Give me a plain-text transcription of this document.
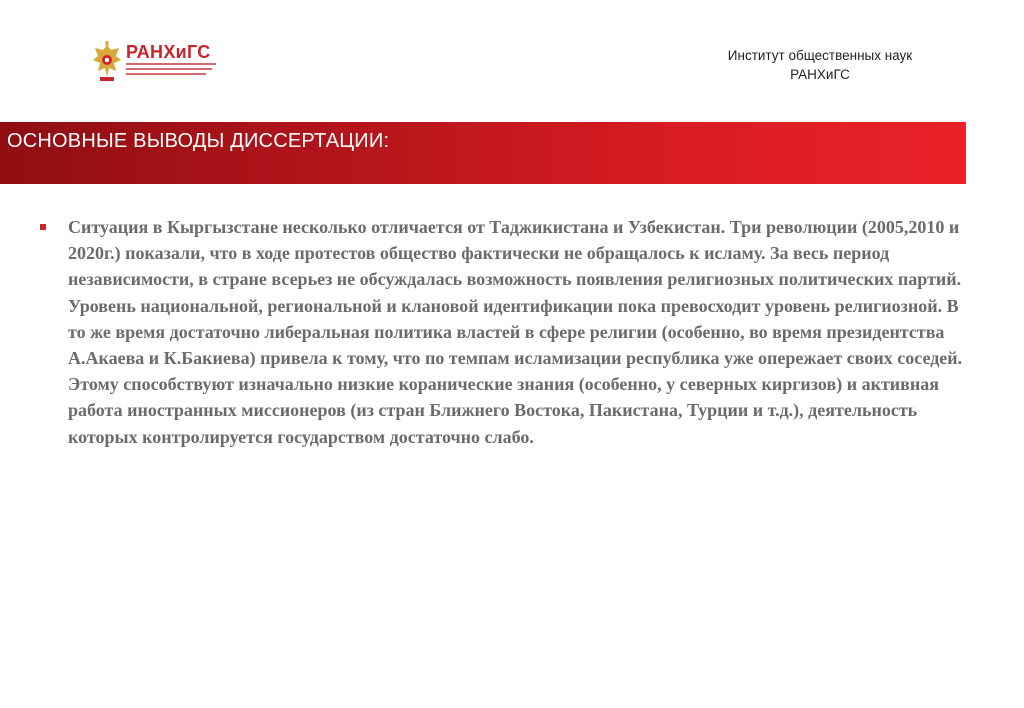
РАНХиГС	Институт общественных наук
РАНХиГС
ОСНОВНЫЕ ВЫВОДЫ ДИССЕРТАЦИИ:

Ситуация в Кыргызстане несколько отличается от Таджикистана и Узбекистан. Три революции (2005,2010 и 2020г.) показали, что в ходе протестов общество фактически не обращалось к исламу. За весь период независимости, в стране всерьез не обсуждалась возможность появления религиозных политических партий. Уровень национальной, региональной и клановой идентификации пока превосходит уровень религиозной. В то же время достаточно либеральная политика властей в сфере религии (особенно, во время президентства А.Акаева и К.Бакиева) привела к тому, что по темпам исламизации республика уже опережает своих соседей. Этому способствуют изначально низкие коранические знания (особенно, у северных киргизов) и активная работа иностранных миссионеров (из стран Ближнего Востока, Пакистана, Турции и т.д.), деятельность которых контролируется государством достаточно слабо.
